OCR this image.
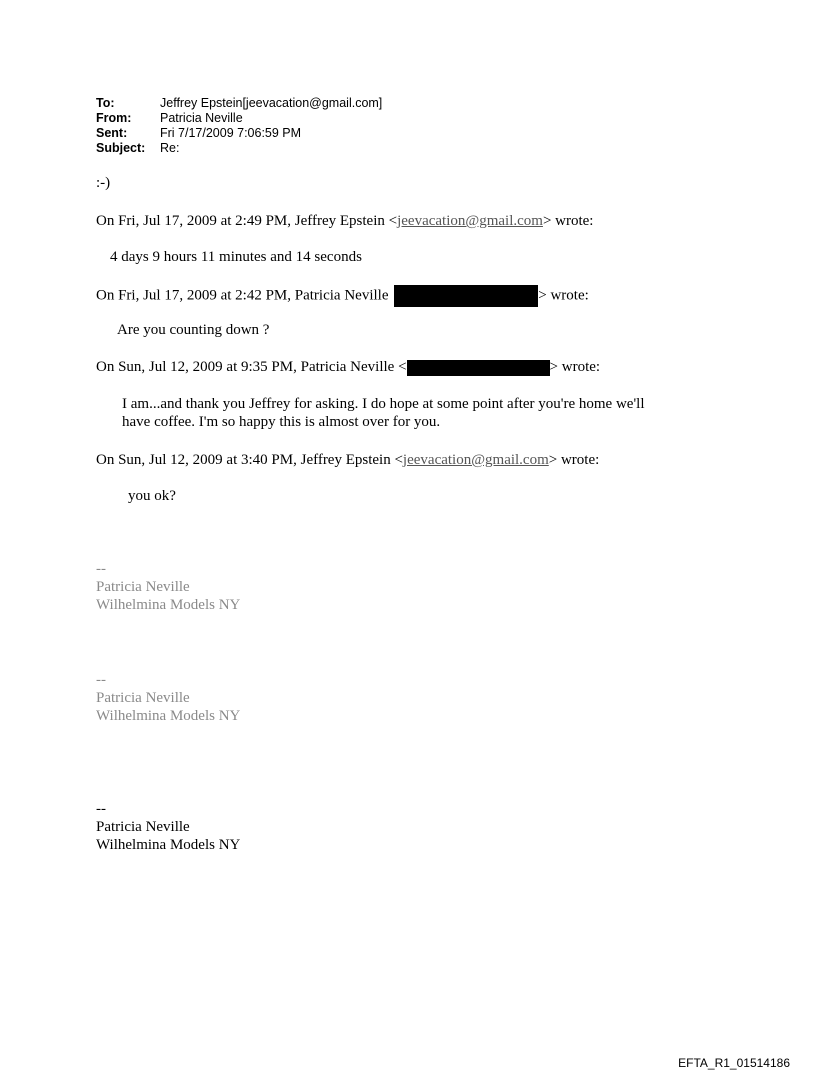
To:	Jeffrey Epstein[jeevacation@gmail.com]
From:	Patricia Neville
Sent:	Fri 7/17/2009 7:06:59 PM
Subject:	Re:
:-)
On Fri, Jul 17, 2009 at 2:49 PM, Jeffrey Epstein <jeevacation@gmail.com> wrote:
4 days 9 hours 11 minutes and 14 seconds
On Fri, Jul 17, 2009 at 2:42 PM, Patricia Neville	> wrote:
Are you counting down ?
On Sun, Jul 12, 2009 at 9:35 PM, Patricia Neville <	> wrote:
I am...and thank you Jeffrey for asking. I do hope at some point after you're home we'll
have coffee. I'm so happy this is almost over for you.
On Sun, Jul 12, 2009 at 3:40 PM, Jeffrey Epstein <jeevacation@gmail.com> wrote:
you ok?
--
Patricia Neville
Wilhelmina Models NY
--
Patricia Neville
Wilhelmina Models NY
--
Patricia Neville
Wilhelmina Models NY
EFTA_R1_01514186
